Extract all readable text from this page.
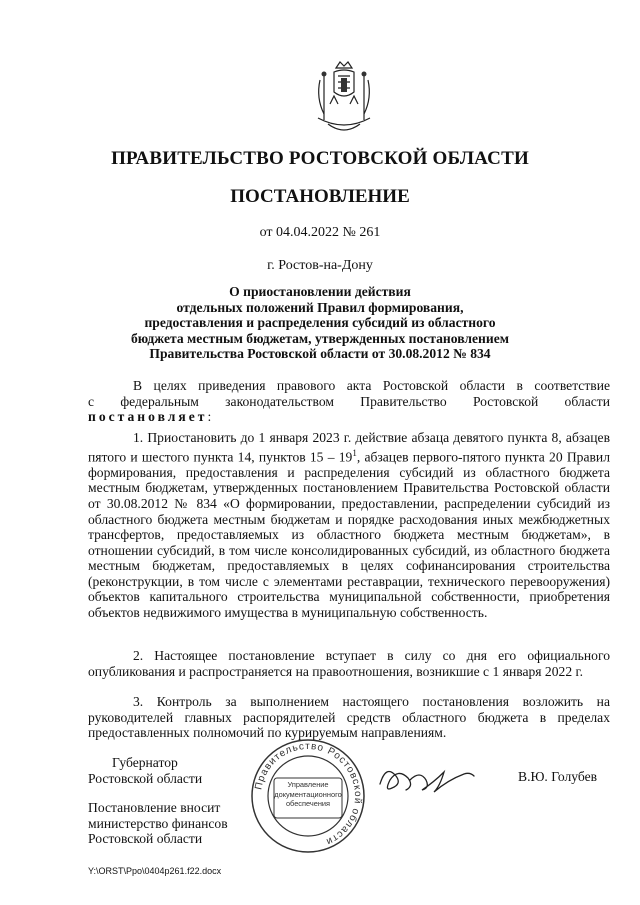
ПРАВИТЕЛЬСТВО РОСТОВСКОЙ ОБЛАСТИ
ПОСТАНОВЛЕНИЕ
от 04.04.2022 № 261
г. Ростов-на-Дону
О приостановлении действия
отдельных положений Правил формирования,
предоставления и распределения субсидий из областного
бюджета местным бюджетам, утвержденных постановлением
Правительства Ростовской области от 30.08.2012 № 834
В целях приведения правового акта Ростовской области в соответствие
с федеральным законодательством Правительство Ростовской области
постановляет:

1. Приостановить до 1 января 2023 г. действие абзаца девятого пункта 8, абзацев пятого и шестого пункта 14, пунктов $15 - 19^1$, абзацев первого-пятого пункта 20 Правил формирования, предоставления и распределения субсидий из областного бюджета местным бюджетам, утвержденных постановлением Правительства Ростовской области от 30.08.2012 № 834 «О формировании, предоставлении, распределении субсидий из областного бюджета местным бюджетам и порядке расходования иных межбюджетных трансфертов, предоставляемых из областного бюджета местным бюджетам», в отношении субсидий, в том числе консолидированных субсидий, из областного бюджета местным бюджетам, предоставляемых в целях софинансирования строительства (реконструкции, в том числе с элементами реставрации, технического перевооружения) объектов капитального строительства муниципальной собственности, приобретения объектов недвижимого имущества в муниципальную собственность.

2. Настоящее постановление вступает в силу со дня его официального опубликования и распространяется на правоотношения, возникшие с 1 января 2022 г.

3. Контроль за выполнением настоящего постановления возложить на руководителей главных распорядителей средств областного бюджета в пределах предоставленных полномочий по курируемым направлениям.

Губернатор
Ростовской области	Правительство Ростовской области
Управление документационного обеспечения
В.Ю. Голубев
Постановление вносит
министерство финансов
Ростовской области
Y:\ORST\Ppo\0404p261.f22.docx
